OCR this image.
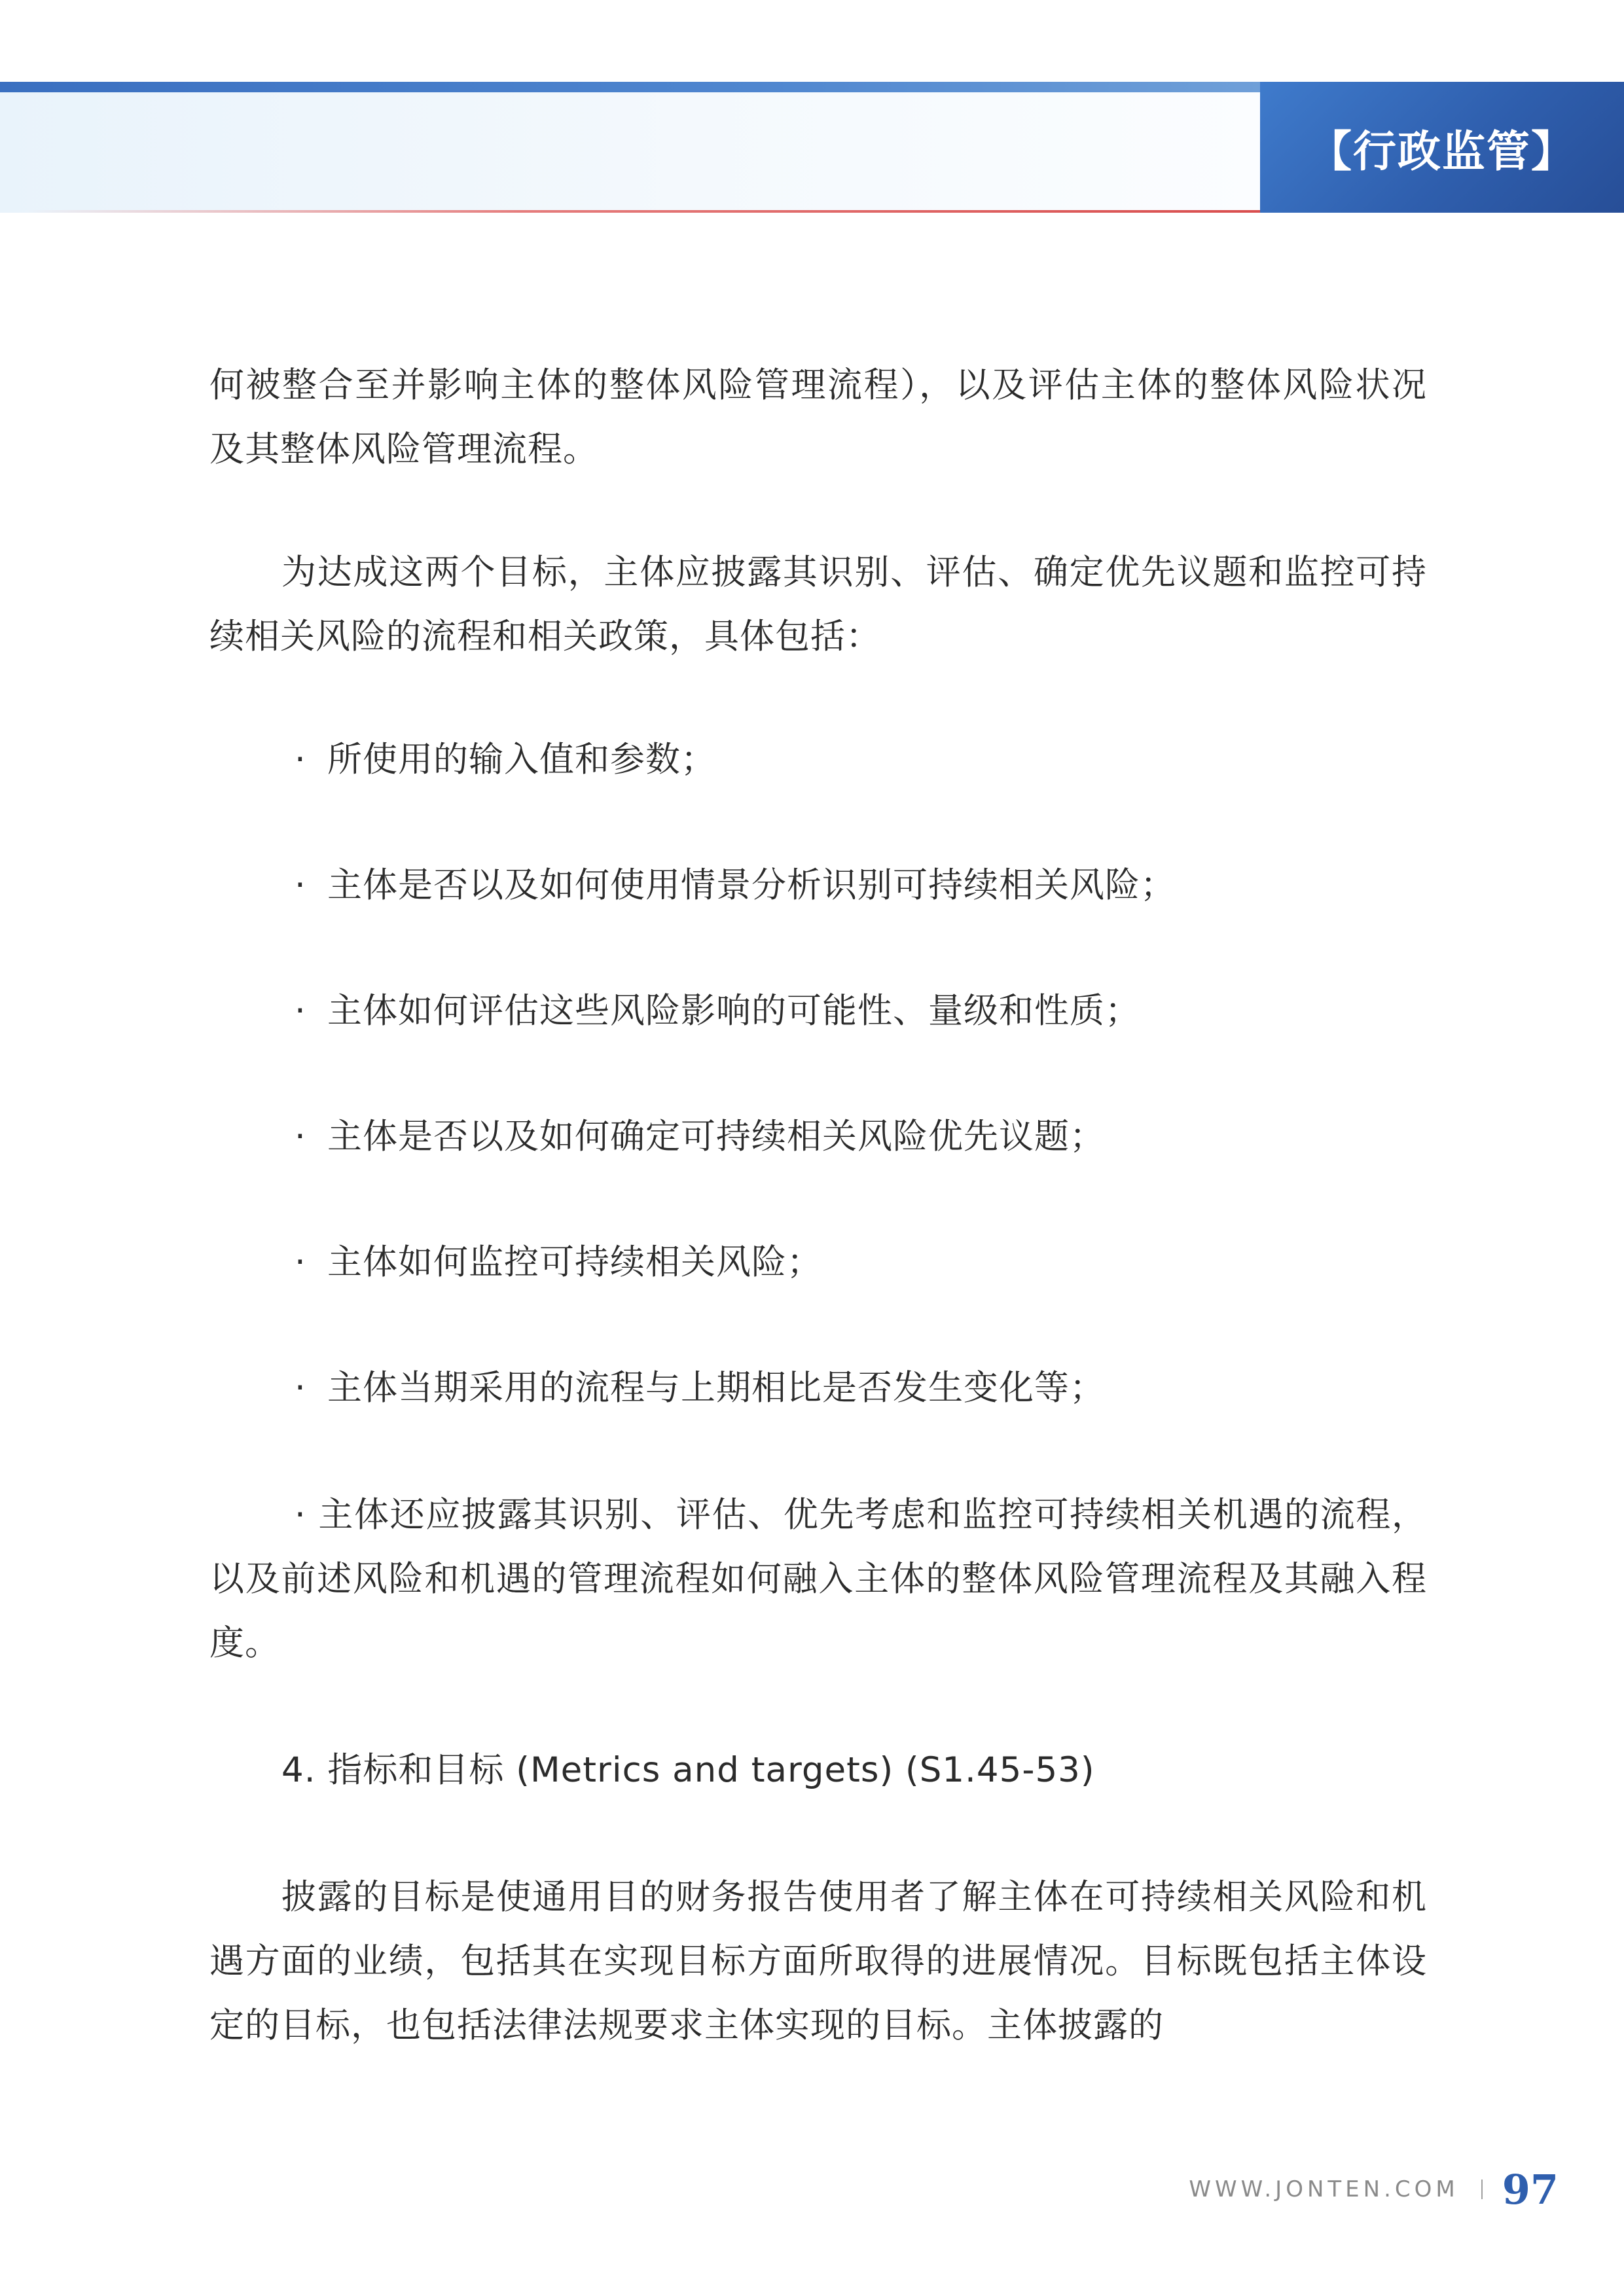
【行政监管】

何被整合至并影响主体的整体风险管理流程），以及评估主体的整体风险状况及其整体风险管理流程。

为达成这两个目标，主体应披露其识别、评估、确定优先议题和监控可持续相关风险的流程和相关政策，具体包括：

· 所使用的输入值和参数；

· 主体是否以及如何使用情景分析识别可持续相关风险；

· 主体如何评估这些风险影响的可能性、量级和性质；

· 主体是否以及如何确定可持续相关风险优先议题；

· 主体如何监控可持续相关风险；

· 主体当期采用的流程与上期相比是否发生变化等；

· 主体还应披露其识别、评估、优先考虑和监控可持续相关机遇的流程，以及前述风险和机遇的管理流程如何融入主体的整体风险管理流程及其融入程度。

4. 指标和目标 (Metrics and targets) (S1.45-53)

披露的目标是使通用目的财务报告使用者了解主体在可持续相关风险和机遇方面的业绩，包括其在实现目标方面所取得的进展情况。目标既包括主体设定的目标，也包括法律法规要求主体实现的目标。主体披露的

WWW.JONTEN.COM 97
